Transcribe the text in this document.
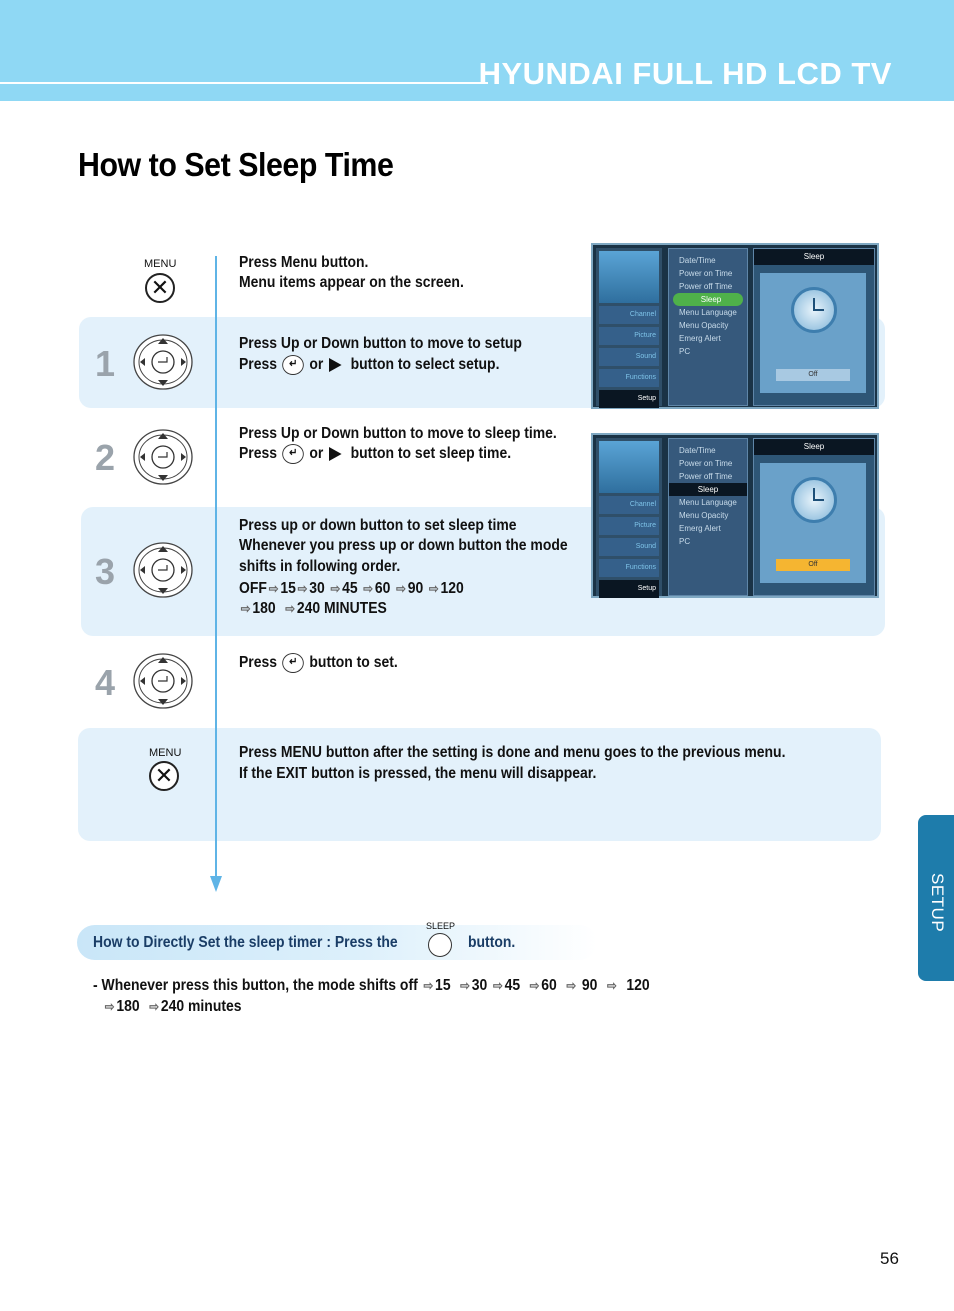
HYUNDAI FULL HD LCD TV
How to Set Sleep Time
MENU
✕
Press Menu button.
Menu items appear on the screen.
1	Press Up or Down button to move to setup
Press ↵ or button to select setup.
2
Press Up or Down button to move to sleep time.
Press ↵ or button to set sleep time.
3
Press up or down button to set sleep time
Whenever you press up or down button the mode
shifts in following order.
OFF ⇨ 15 ⇨ 30 ⇨ 45 ⇨ 60 ⇨ 90 ⇨ 120
⇨ 180 ⇨ 240 MINUTES
4	Press ↵ button to set.
MENU
✕
Press MENU button after the setting is done and menu goes to the previous menu.
If the EXIT button is pressed, the menu will disappear.
Channel
Picture
Sound
Functions
Setup
Date/Time
Power on Time
Power off Time
Sleep
Menu Language
Menu Opacity
Emerg Alert
PC
Sleep
Off
Channel
Picture
Sound
Functions
Setup
Date/Time
Power on Time
Power off Time
Sleep
Menu Language
Menu Opacity
Emerg Alert
PC
Sleep
Off
How to Directly Set the sleep timer : Press the
SLEEP
button.
- Whenever press this button, the mode shifts off ⇨ 15 ⇨ 30 ⇨ 45 ⇨ 60 ⇨ 90 ⇨ 120
⇨ 180 ⇨ 240 minutes
SETUP
56
